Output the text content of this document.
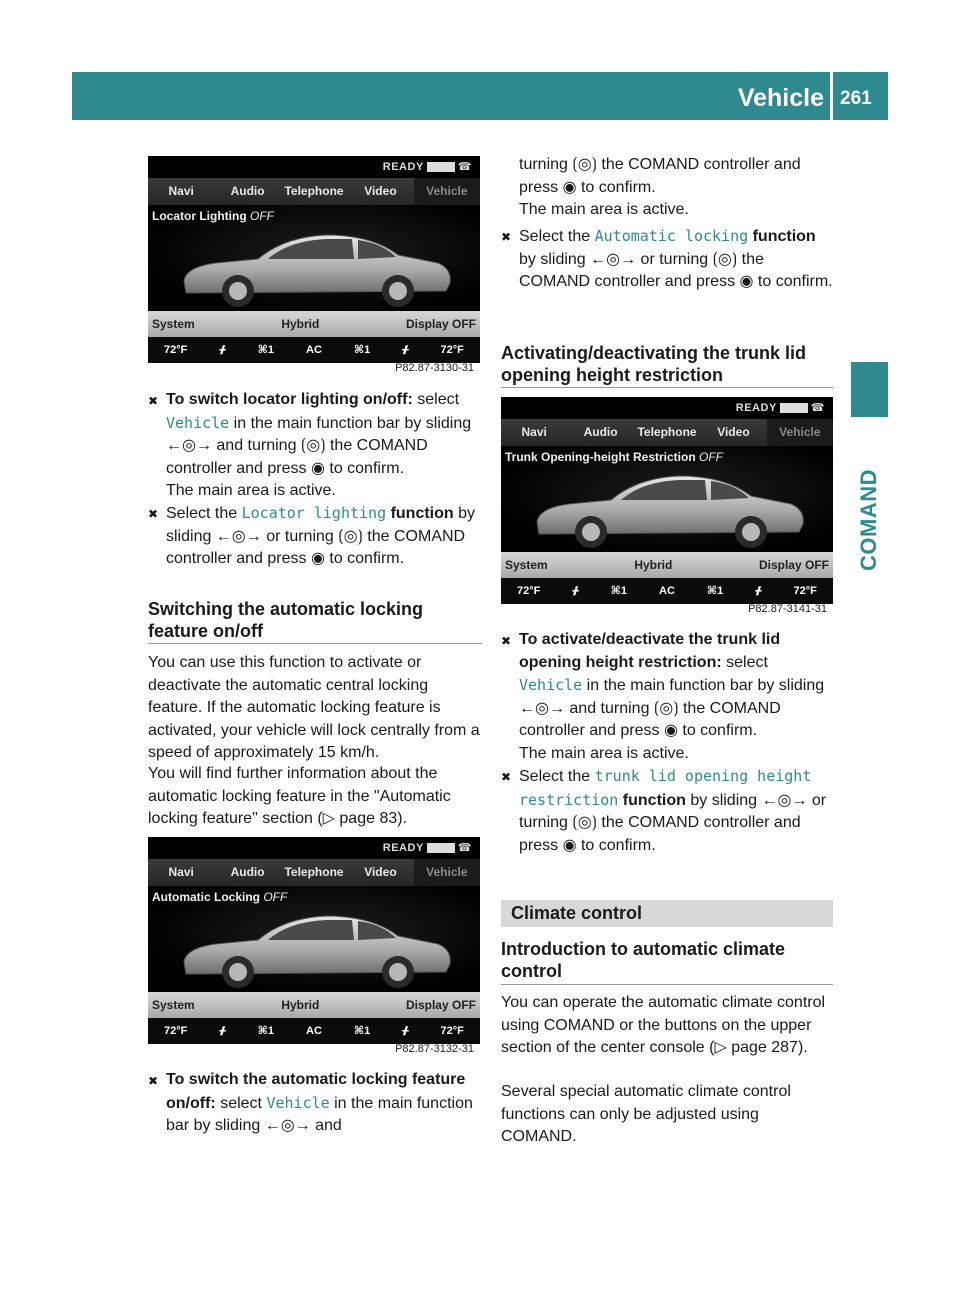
Vehicle 261
COMAND
READY	☎
Navi	Audio	Telephone	Video	Vehicle
Locator Lighting OFF
System	Hybrid	Display OFF
72°F	ᚋ	⌘1	AC	⌘1	ᚋ	72°F
P82.87-3130-31
READY	☎
Navi	Audio	Telephone	Video	Vehicle
Automatic Locking OFF
System	Hybrid	Display OFF
72°F	ᚋ	⌘1	AC	⌘1	ᚋ	72°F
P82.87-3132-31
READY	☎
Navi	Audio	Telephone	Video	Vehicle
Trunk Opening-height Restriction OFF
System	Hybrid	Display OFF
72°F	ᚋ	⌘1	AC	⌘1	ᚋ	72°F
P82.87-3141-31
✖ To switch locator lighting on/off: select Vehicle in the main function bar by sliding ←◎→ and turning ⟮◎⟯ the COMAND controller and press ◉ to confirm.
The main area is active.
✖ Select the Locator lighting function by sliding ←◎→ or turning ⟮◎⟯ the COMAND controller and press ◉ to confirm.
Switching the automatic locking feature on/off
You can use this function to activate or deactivate the automatic central locking feature. If the automatic locking feature is activated, your vehicle will lock centrally from a speed of approximately 15 km/h.
You will find further information about the automatic locking feature in the "Automatic locking feature" section (▷ page 83).
✖ To switch the automatic locking feature on/off: select Vehicle in the main function bar by sliding ←◎→ and
turning ⟮◎⟯ the COMAND controller and press ◉ to confirm.
The main area is active.
✖ Select the Automatic locking function by sliding ←◎→ or turning ⟮◎⟯ the COMAND controller and press ◉ to confirm.
Activating/deactivating the trunk lid opening height restriction
✖ To activate/deactivate the trunk lid opening height restriction: select Vehicle in the main function bar by sliding ←◎→ and turning ⟮◎⟯ the COMAND controller and press ◉ to confirm.
The main area is active.
✖ Select the trunk lid opening height restriction function by sliding ←◎→ or turning ⟮◎⟯ the COMAND controller and press ◉ to confirm.
Climate control
Introduction to automatic climate control
You can operate the automatic climate control using COMAND or the buttons on the upper section of the center console (▷ page 287).
Several special automatic climate control functions can only be adjusted using COMAND.
